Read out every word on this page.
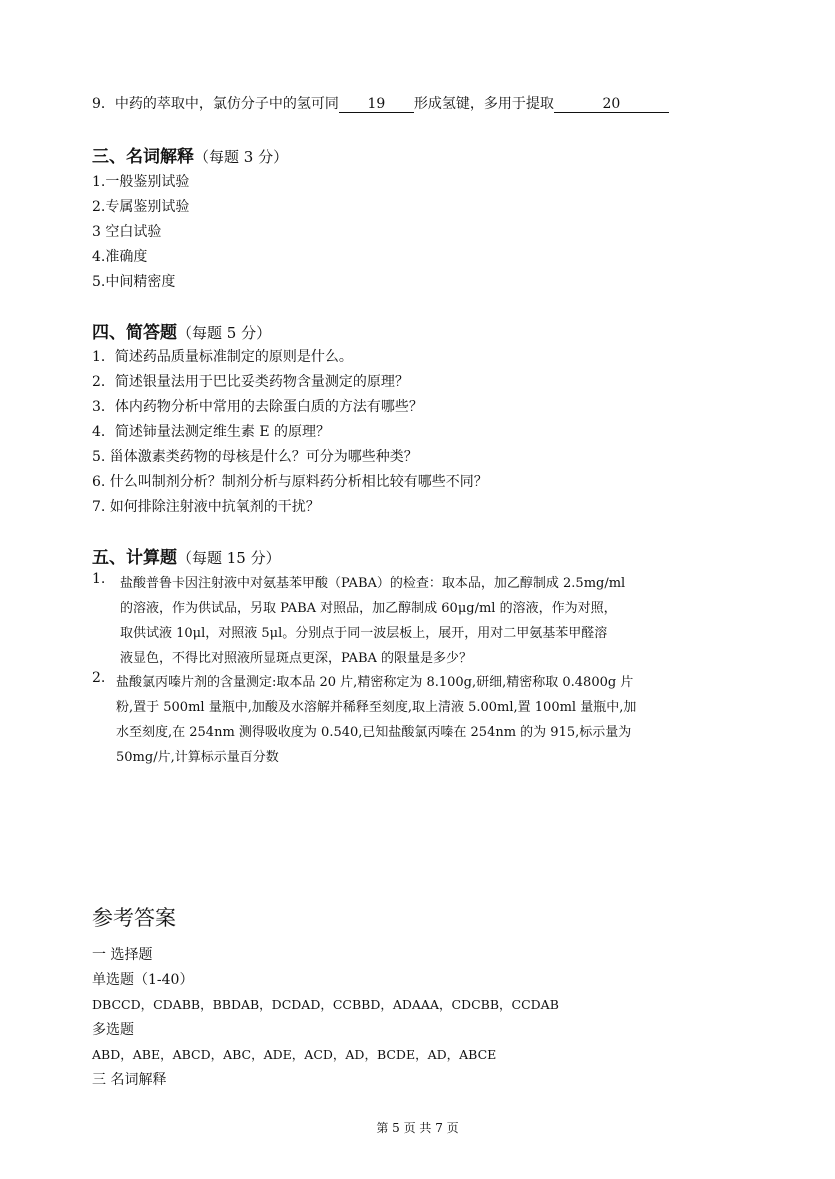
9．中药的萃取中，氯仿分子中的氢可同 19 形成氢键，多用于提取	20
三、名词解释（每题 3 分）
1.一般鉴别试验
2.专属鉴别试验
3 空白试验
4.准确度
5.中间精密度
四、简答题（每题 5 分）
1．简述药品质量标准制定的原则是什么。
2．简述银量法用于巴比妥类药物含量测定的原理？
3．体内药物分析中常用的去除蛋白质的方法有哪些？
4．简述铈量法测定维生素 E 的原理？
5. 甾体激素类药物的母核是什么？可分为哪些种类？
6. 什么叫制剂分析？制剂分析与原料药分析相比较有哪些不同？
7. 如何排除注射液中抗氧剂的干扰？
五、计算题（每题 15 分）
1. 盐酸普鲁卡因注射液中对氨基苯甲酸（PABA）的检查：取本品，加乙醇制成 2.5mg/ml
的溶液，作为供试品，另取 PABA 对照品，加乙醇制成 60μg/ml 的溶液，作为对照，
取供试液 10μl，对照液 5μl。分别点于同一波层板上，展开，用对二甲氨基苯甲醛溶
液显色，不得比对照液所显斑点更深，PABA 的限量是多少？
2. 盐酸氯丙嗪片剂的含量测定:取本品 20 片,精密称定为 8.100g,研细,精密称取 0.4800g 片
粉,置于 500ml 量瓶中,加酸及水溶解并稀释至刻度,取上清液 5.00ml,置 100ml 量瓶中,加
水至刻度,在 254nm 测得吸收度为 0.540,已知盐酸氯丙嗪在 254nm 的为 915,标示量为
50mg/片,计算标示量百分数
参考答案
一 选择题
单选题（1-40）
DBCCD，CDABB，BBDAB，DCDAD，CCBBD，ADAAA，CDCBB，CCDAB
多选题
ABD，ABE，ABCD，ABC，ADE，ACD，AD，BCDE，AD，ABCE
三 名词解释
第 5 页 共 7 页
